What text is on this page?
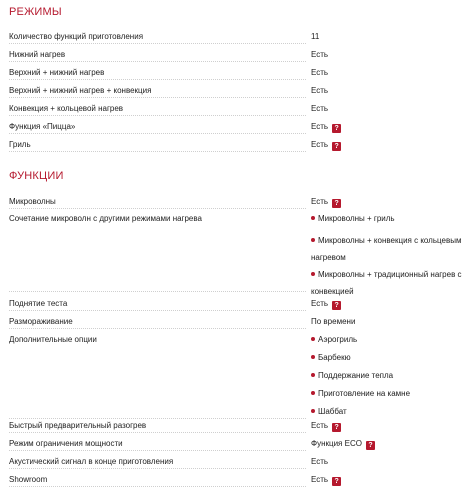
РЕЖИМЫ
Количество функций приготовления	11
Нижний нагрев	Есть
Верхний + нижний нагрев	Есть
Верхний + нижний нагрев + конвекция	Есть
Конвекция + кольцевой нагрев	Есть
Функция «Пицца»	Есть ?
Гриль	Есть ?
ФУНКЦИИ
Микроволны	Есть ?
Сочетание микроволн с другими режимами нагрева	Микроволны + гриль
Микроволны + конвекция с кольцевым нагревом
Микроволны + традиционный нагрев с конвекцией
Поднятие теста	Есть ?
Размораживание	По времени
Дополнительные опции	Аэрогриль
Барбекю
Поддержание тепла
Приготовление на камне
Шаббат
Быстрый предварительный разогрев	Есть ?
Режим ограничения мощности	Функция ECO ?
Акустический сигнал в конце приготовления	Есть
Showroom	Есть ?
